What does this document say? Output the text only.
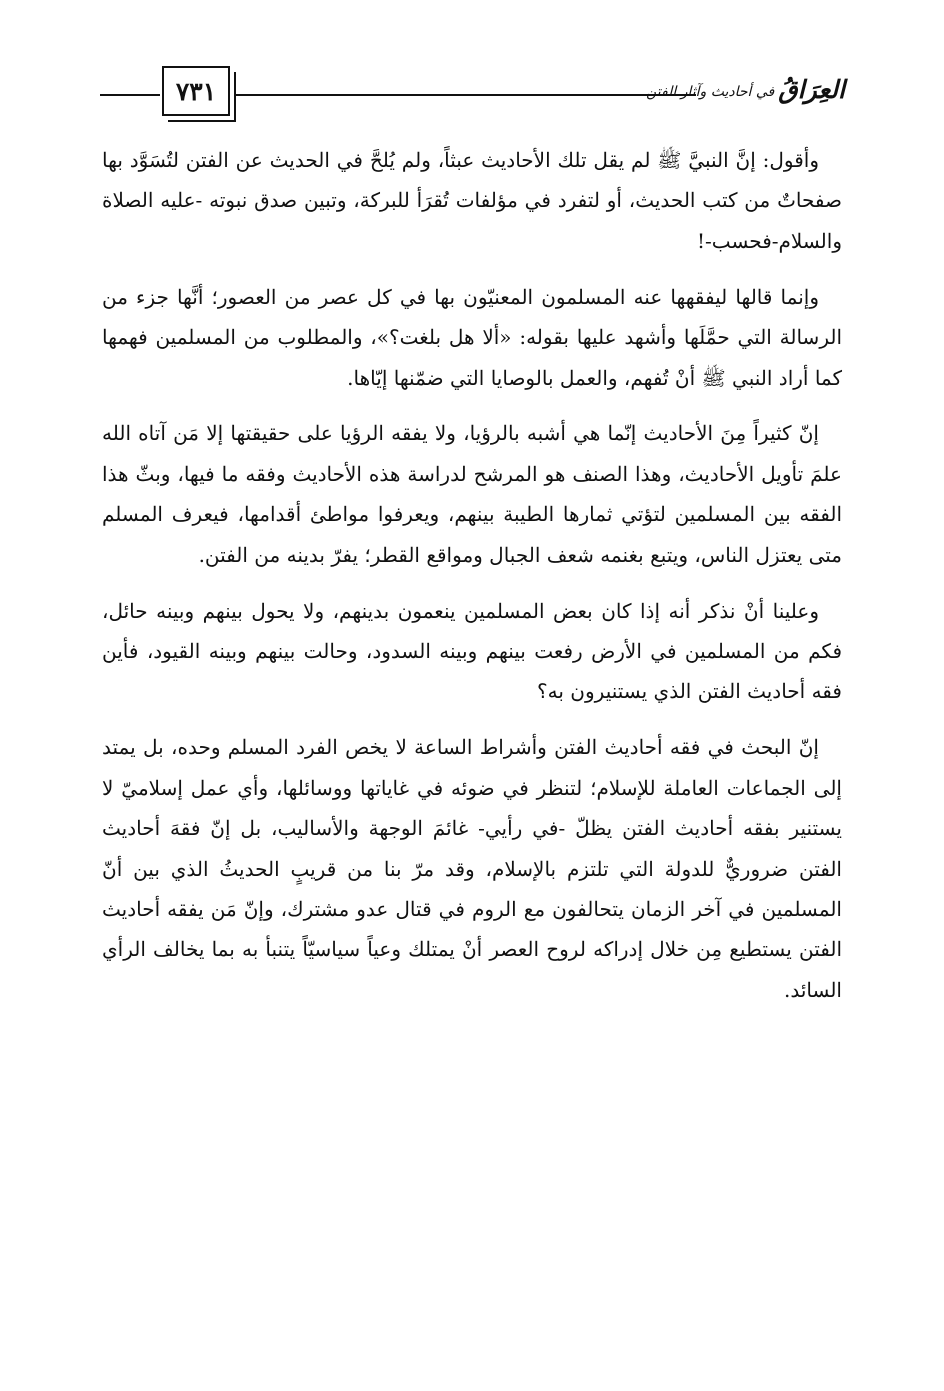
٧٣١	العِرَاقُ
في أحاديث وآثار الفتن

وأقول: إنَّ النبيَّ ﷺ لم يقل تلك الأحاديث عبثاً، ولم يُلحَّ في الحديث عن الفتن لتُسَوَّد بها صفحاتٌ من كتب الحديث، أو لتفرد في مؤلفات تُقرَأ للبركة، وتبين صدق نبوته -عليه الصلاة والسلام-فحسب-!

وإنما قالها ليفقهها عنه المسلمون المعنيّون بها في كل عصر من العصور؛ أنَّها جزء من الرسالة التي حمَّلَها وأشهد عليها بقوله: «ألا هل بلغت؟»، والمطلوب من المسلمين فهمها كما أراد النبي ﷺ أنْ تُفهم، والعمل بالوصايا التي ضمّنها إيّاها.

إنّ كثيراً مِنَ الأحاديث إنّما هي أشبه بالرؤيا، ولا يفقه الرؤيا على حقيقتها إلا مَن آتاه الله علمَ تأويل الأحاديث، وهذا الصنف هو المرشح لدراسة هذه الأحاديث وفقه ما فيها، وبثّ هذا الفقه بين المسلمين لتؤتي ثمارها الطيبة بينهم، ويعرفوا مواطئ أقدامها، فيعرف المسلم متى يعتزل الناس، ويتبع بغنمه شعف الجبال ومواقع القطر؛ يفرّ بدينه من الفتن.

وعلينا أنْ نذكر أنه إذا كان بعض المسلمين ينعمون بدينهم، ولا يحول بينهم وبينه حائل، فكم من المسلمين في الأرض رفعت بينهم وبينه السدود، وحالت بينهم وبينه القيود، فأين فقه أحاديث الفتن الذي يستنيرون به؟

إنّ البحث في فقه أحاديث الفتن وأشراط الساعة لا يخص الفرد المسلم وحده، بل يمتد إلى الجماعات العاملة للإسلام؛ لتنظر في ضوئه في غاياتها ووسائلها، وأي عمل إسلاميّ لا يستنير بفقه أحاديث الفتن يظلّ -في رأيي- غائمَ الوجهة والأساليب، بل إنّ فقهَ أحاديث الفتن ضروريٌّ للدولة التي تلتزم بالإسلام، وقد مرّ بنا من قريبٍ الحديثُ الذي بين أنّ المسلمين في آخر الزمان يتحالفون مع الروم في قتال عدو مشترك، وإنّ مَن يفقه أحاديث الفتن يستطيع مِن خلال إدراكه لروح العصر أنْ يمتلك وعياً سياسيّاً يتنبأ به بما يخالف الرأي السائد.
